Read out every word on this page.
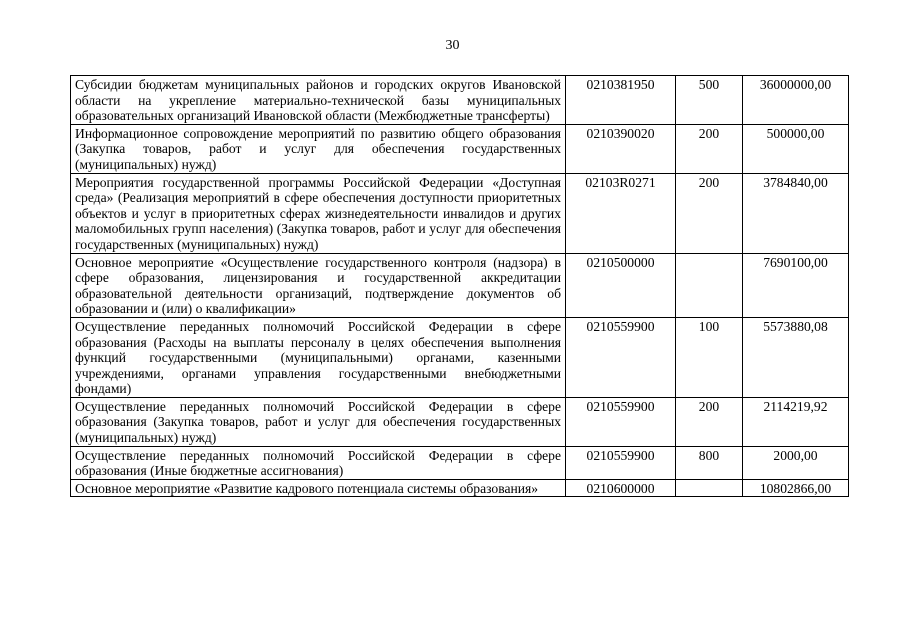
30
Субсидии бюджетам муниципальных районов и городских округов Ивановской области на укрепление материально-технической базы муниципальных образовательных организаций Ивановской области (Межбюджетные трансферты)	0210381950	500	36000000,00
Информационное сопровождение мероприятий по развитию общего образования (Закупка товаров, работ и услуг для обеспечения государственных (муниципальных) нужд)	0210390020	200	500000,00
Мероприятия государственной программы Российской Федерации «Доступная среда» (Реализация мероприятий в сфере обеспечения доступности приоритетных объектов и услуг в приоритетных сферах жизнедеятельности инвалидов и других маломобильных групп населения) (Закупка товаров, работ и услуг для обеспечения государственных (муниципальных) нужд)	02103R0271	200	3784840,00
Основное мероприятие «Осуществление государственного контроля (надзора) в сфере образования, лицензирования и государственной аккредитации образовательной деятельности организаций, подтверждение документов об образовании и (или) о квалификации»	0210500000		7690100,00
Осуществление переданных полномочий Российской Федерации в сфере образования (Расходы на выплаты персоналу в целях обеспечения выполнения функций государственными (муниципальными) органами, казенными учреждениями, органами управления государственными внебюджетными фондами)	0210559900	100	5573880,08
Осуществление переданных полномочий Российской Федерации в сфере образования (Закупка товаров, работ и услуг для обеспечения государственных (муниципальных) нужд)	0210559900	200	2114219,92
Осуществление переданных полномочий Российской Федерации в сфере образования (Иные бюджетные ассигнования)	0210559900	800	2000,00
Основное мероприятие «Развитие кадрового потенциала системы образования»	0210600000		10802866,00
